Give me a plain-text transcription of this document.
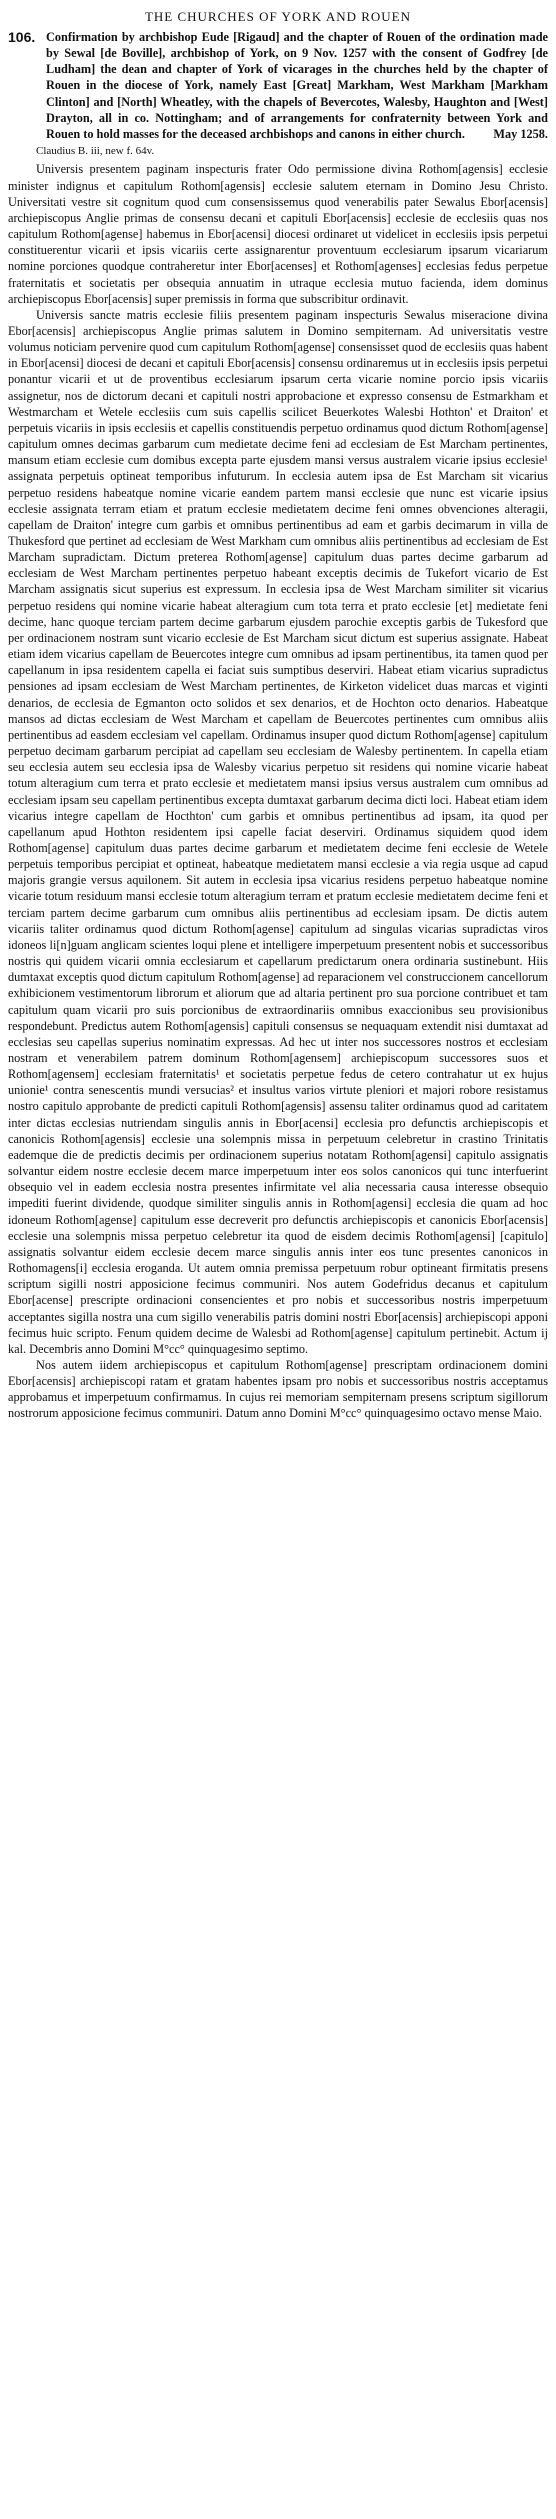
THE CHURCHES OF YORK AND ROUEN
106. Confirmation by archbishop Eude [Rigaud] and the chapter of Rouen of the ordination made by Sewal [de Boville], archbishop of York, on 9 Nov. 1257 with the consent of Godfrey [de Ludham] the dean and chapter of York of vicarages in the churches held by the chapter of Rouen in the diocese of York, namely East [Great] Markham, West Markham [Markham Clinton] and [North] Wheatley, with the chapels of Bevercotes, Walesby, Haughton and [West] Drayton, all in co. Nottingham; and of arrangements for confraternity between York and Rouen to hold masses for the deceased archbishops and canons in either church.	May 1258.
Claudius B. iii, new f. 64v.

Universis presentem paginam inspecturis frater Odo permissione divina Rothom[agensis] ecclesie minister indignus et capitulum Rothom[agensis] ecclesie salutem eternam in Domino Jesu Christo. Universitati vestre sit cognitum quod cum consensissemus quod venerabilis pater Sewalus Ebor[acensis] archiepiscopus Anglie primas de consensu decani et capituli Ebor[acensis] ecclesie de ecclesiis quas nos capitulum Rothom[agense] habemus in Ebor[acensi] diocesi ordinaret ut videlicet in ecclesiis ipsis perpetui constituerentur vicarii et ipsis vicariis certe assignarentur proventuum ecclesiarum ipsarum vicariarum nomine porciones quodque contraheretur inter Ebor[acenses] et Rothom[agenses] ecclesias fedus perpetue fraternitatis et societatis per obsequia annuatim in utraque ecclesia mutuo facienda, idem dominus archiepiscopus Ebor[acensis] super premissis in forma que subscribitur ordinavit.

Universis sancte matris ecclesie filiis presentem paginam inspecturis Sewalus miseracione divina Ebor[acensis] archiepiscopus Anglie primas salutem in Domino sempiternam. Ad universitatis vestre volumus noticiam pervenire quod cum capitulum Rothom[agense] consensisset quod de ecclesiis quas habent in Ebor[acensi] diocesi de decani et capituli Ebor[acensis] consensu ordinaremus ut in ecclesiis ipsis perpetui ponantur vicarii et ut de proventibus ecclesiarum ipsarum certa vicarie nomine porcio ipsis vicariis assignetur, nos de dictorum decani et capituli nostri approbacione et expresso consensu de Estmarkham et Westmarcham et Wetele ecclesiis cum suis capellis scilicet Beuerkotes Walesbi Hothton' et Draiton' et perpetuis vicariis in ipsis ecclesiis et capellis constituendis perpetuo ordinamus quod dictum Rothom[agense] capitulum omnes decimas garbarum cum medietate decime feni ad ecclesiam de Est Marcham pertinentes, mansum etiam ecclesie cum domibus excepta parte ejusdem mansi versus australem vicarie ipsius ecclesie¹ assignata perpetuis optineat temporibus infuturum. In ecclesia autem ipsa de Est Marcham sit vicarius perpetuo residens habeatque nomine vicarie eandem partem mansi ecclesie que nunc est vicarie ipsius ecclesie assignata terram etiam et pratum ecclesie medietatem decime feni omnes obvenciones alteragii, capellam de Draiton' integre cum garbis et omnibus pertinentibus ad eam et garbis decimarum in villa de Thukesford que pertinet ad ecclesiam de West Markham cum omnibus aliis pertinentibus ad ecclesiam de Est Marcham supradictam. Dictum preterea Rothom[agense] capitulum duas partes decime garbarum ad ecclesiam de West Marcham pertinentes perpetuo habeant exceptis decimis de Tukefort vicario de Est Marcham assignatis sicut superius est expressum. In ecclesia ipsa de West Marcham similiter sit vicarius perpetuo residens qui nomine vicarie habeat alteragium cum tota terra et prato ecclesie [et] medietate feni decime, hanc quoque terciam partem decime garbarum ejusdem parochie exceptis garbis de Tukesford que per ordinacionem nostram sunt vicario ecclesie de Est Marcham sicut dictum est superius assignate. Habeat etiam idem vicarius capellam de Beuercotes integre cum omnibus ad ipsam pertinentibus, ita tamen quod per capellanum in ipsa residentem capella ei faciat suis sumptibus deserviri. Habeat etiam vicarius supradictus pensiones ad ipsam ecclesiam de West Marcham pertinentes, de Kirketon videlicet duas marcas et viginti denarios, de ecclesia de Egmanton octo solidos et sex denarios, et de Hochton octo denarios. Habeatque mansos ad dictas ecclesiam de West Marcham et capellam de Beuercotes pertinentes cum omnibus aliis pertinentibus ad easdem ecclesiam vel capellam. Ordinamus insuper quod dictum Rothom[agense] capitulum perpetuo decimam garbarum percipiat ad capellam seu ecclesiam de Walesby pertinentem. In capella etiam seu ecclesia autem seu ecclesia ipsa de Walesby vicarius perpetuo sit residens qui nomine vicarie habeat totum alteragium cum terra et prato ecclesie et medietatem mansi ipsius versus australem cum omnibus ad ecclesiam ipsam seu capellam pertinentibus excepta dumtaxat garbarum decima dicti loci. Habeat etiam idem vicarius integre capellam de Hocthton' cum garbis et omnibus pertinentibus ad ipsam, ita quod per capellanum apud Hothton residentem ipsi capelle faciat deserviri. Ordinamus siquidem quod idem Rothom[agense] capitulum duas partes decime garbarum et medietatem decime feni ecclesie de Wetele perpetuis temporibus percipiat et optineat, habeatque medietatem mansi ecclesie a via regia usque ad capud majoris grangie versus aquilonem. Sit autem in ecclesia ipsa vicarius residens perpetuo habeatque nomine vicarie totum residuum mansi ecclesie totum alteragium terram et pratum ecclesie medietatem decime feni et terciam partem decime garbarum cum omnibus aliis pertinentibus ad ecclesiam ipsam. De dictis autem vicariis taliter ordinamus quod dictum Rothom[agense] capitulum ad singulas vicarias supradictas viros idoneos li[n]guam anglicam scientes loqui plene et intelligere imperpetuum presentent nobis et successoribus nostris qui quidem vicarii omnia ecclesiarum et capellarum predictarum onera ordinaria sustinebunt. Hiis dumtaxat exceptis quod dictum capitulum Rothom[agense] ad reparacionem vel construccionem cancellorum exhibicionem vestimentorum librorum et aliorum que ad altaria pertinent pro sua porcione contribuet et tam capitulum quam vicarii pro suis porcionibus de extraordinariis omnibus exaccionibus seu provisionibus respondebunt. Predictus autem Rothom[agensis] capituli consensus se nequaquam extendit nisi dumtaxat ad ecclesias seu capellas superius nominatim expressas. Ad hec ut inter nos successores nostros et ecclesiam nostram et venerabilem patrem dominum Rothom[agensem] archiepiscopum successores suos et Rothom[agensem] ecclesiam fraternitatis¹ et societatis perpetue fedus de cetero contrahatur ut ex hujus unionie¹ contra senescentis mundi versucias² et insultus varios virtute pleniori et majori robore resistamus nostro capitulo approbante de predicti capituli Rothom[agensis] assensu taliter ordinamus quod ad caritatem inter dictas ecclesias nutriendam singulis annis in Ebor[acensi] ecclesia pro defunctis archiepiscopis et canonicis Rothom[agensis] ecclesie una solempnis missa in perpetuum celebretur in crastino Trinitatis eademque die de predictis decimis per ordinacionem superius notatam Rothom[agensi] capitulo assignatis solvantur eidem nostre ecclesie decem marce imperpetuum inter eos solos canonicos qui tunc interfuerint obsequio vel in eadem ecclesia nostra presentes infirmitate vel alia necessaria causa interesse obsequio impediti fuerint dividende, quodque similiter singulis annis in Rothom[agensi] ecclesia die quam ad hoc idoneum Rothom[agense] capitulum esse decreverit pro defunctis archiepiscopis et canonicis Ebor[acensis] ecclesie una solempnis missa perpetuo celebretur ita quod de eisdem decimis Rothom[agensi] [capitulo] assignatis solvantur eidem ecclesie decem marce singulis annis inter eos tunc presentes canonicos in Rothomagens[i] ecclesia eroganda. Ut autem omnia premissa perpetuum robur optineant firmitatis presens scriptum sigilli nostri apposicione fecimus communiri. Nos autem Godefridus decanus et capitulum Ebor[acense] prescripte ordinacioni consencientes et pro nobis et successoribus nostris imperpetuum acceptantes sigilla nostra una cum sigillo venerabilis patris domini nostri Ebor[acensis] archiepiscopi apponi fecimus huic scripto. Fenum quidem decime de Walesbi ad Rothom[agense] capitulum pertinebit. Actum ij kal. Decembris anno Domini M°cc° quinquagesimo septimo.

Nos autem iidem archiepiscopus et capitulum Rothom[agense] prescriptam ordinacionem domini Ebor[acensis] archiepiscopi ratam et gratam habentes ipsam pro nobis et successoribus nostris acceptamus approbamus et imperpetuum confirmamus. In cujus rei memoriam sempiternam presens scriptum sigillorum nostrorum apposicione fecimus communiri. Datum anno Domini M°cc° quinquagesimo octavo mense Maio.
